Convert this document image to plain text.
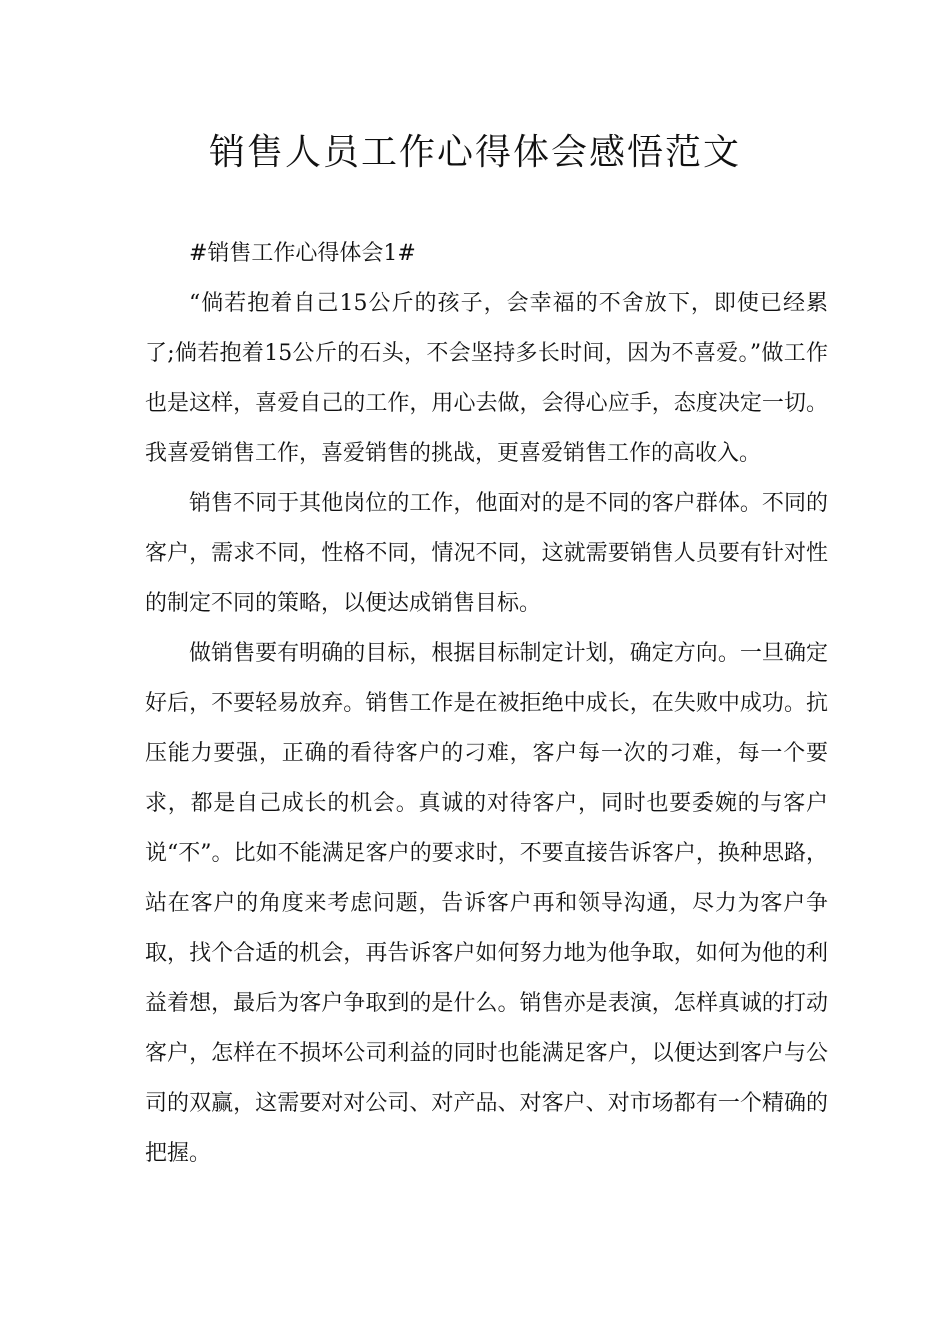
销售人员工作心得体会感悟范文

#销售工作心得体会1#

“倘若抱着自己15公斤的孩子，会幸福的不舍放下，即使已经累了;倘若抱着15公斤的石头，不会坚持多长时间，因为不喜爱。”做工作也是这样，喜爱自己的工作，用心去做，会得心应手，态度决定一切。我喜爱销售工作，喜爱销售的挑战，更喜爱销售工作的高收入。

销售不同于其他岗位的工作，他面对的是不同的客户群体。不同的客户，需求不同，性格不同，情况不同，这就需要销售人员要有针对性的制定不同的策略，以便达成销售目标。

做销售要有明确的目标，根据目标制定计划，确定方向。一旦确定好后，不要轻易放弃。销售工作是在被拒绝中成长，在失败中成功。抗压能力要强，正确的看待客户的刁难，客户每一次的刁难，每一个要求，都是自己成长的机会。真诚的对待客户，同时也要委婉的与客户说“不”。比如不能满足客户的要求时，不要直接告诉客户，换种思路，站在客户的角度来考虑问题，告诉客户再和领导沟通，尽力为客户争取，找个合适的机会，再告诉客户如何努力地为他争取，如何为他的利益着想，最后为客户争取到的是什么。销售亦是表演，怎样真诚的打动客户，怎样在不损坏公司利益的同时也能满足客户，以便达到客户与公司的双赢，这需要对对公司、对产品、对客户、对市场都有一个精确的把握。
